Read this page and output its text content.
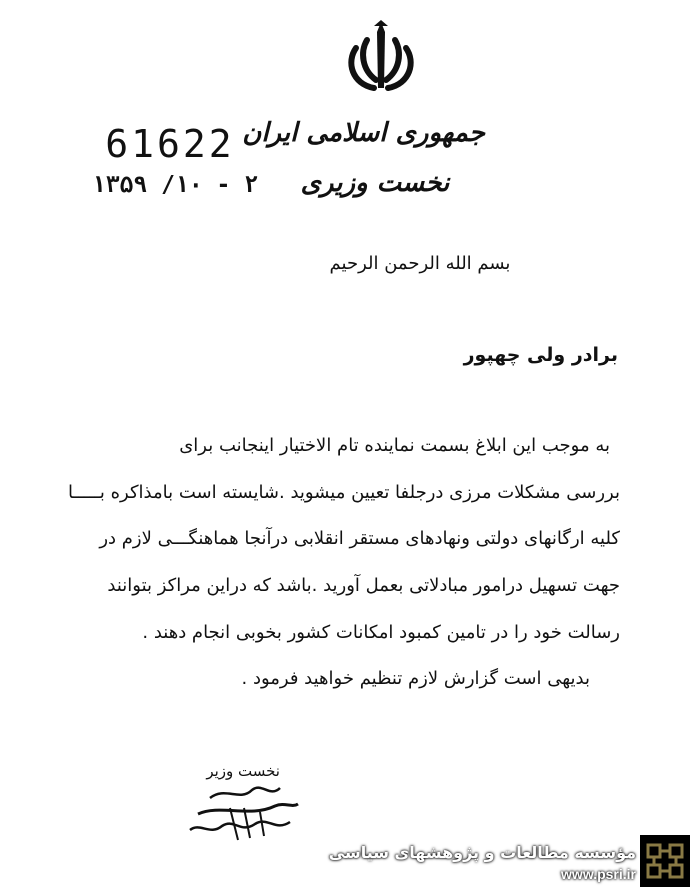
جمهوری اسلامی ایران
نخست وزیری
61622
۲ - ۱۰/ ۱۳۵۹
بسم الله الرحمن الرحیم
برادر ولی چهپور
به موجب این ابلاغ بسمت نماینده تام الاختیار اینجانب برای
بررسی مشکلات مرزی درجلفا تعیین میشوید .شایسته است بامذاکره بـــــا
کلیه ارگانهای دولتی ونهادهای مستقر انقلابی درآنجا هماهنگـــی لازم در
جهت تسهیل درامور مبادلاتی بعمل آورید .باشد که دراین مراکز بتوانند
رسالت خود را در تامین کمبود امکانات کشور بخوبی انجام دهند .
بدیهی است گزارش لازم تنظیم خواهید فرمود .
نخست وزیر
مؤسسه مطالعات و پژوهشهای سیاسی
www.psri.ir
